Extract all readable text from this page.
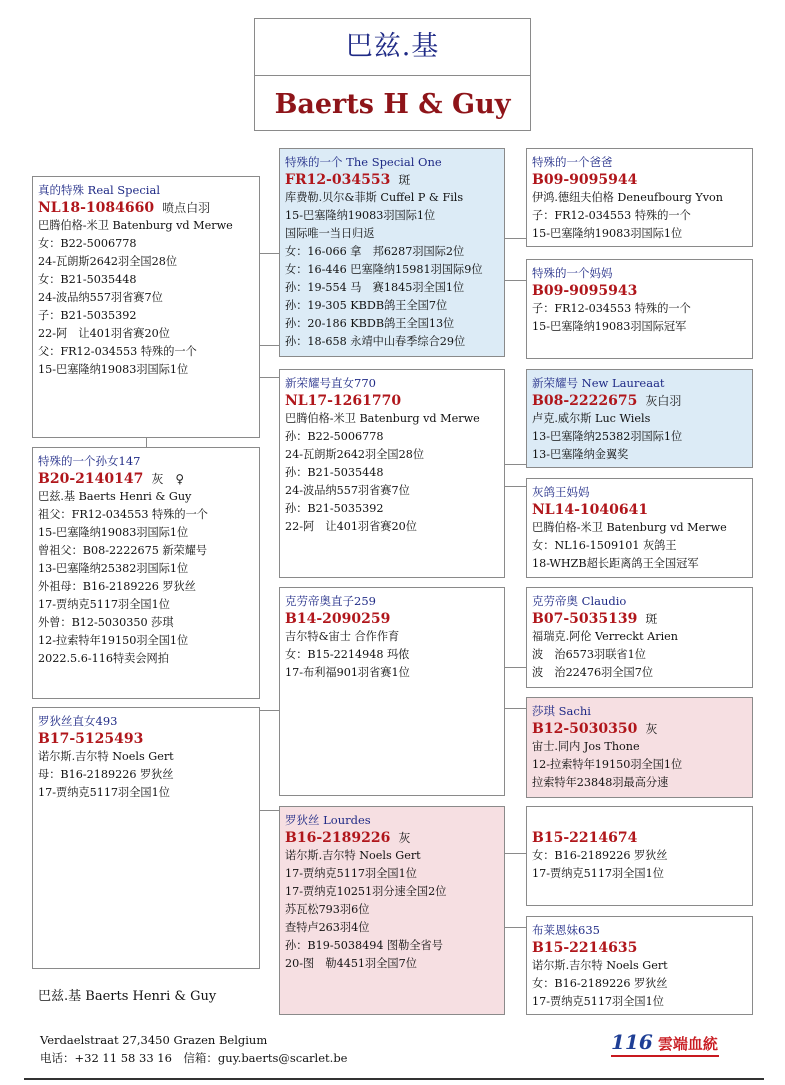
巴兹.基
Baerts H & Guy
真的特殊 Real Special
NL18-1084660 喷点白羽
巴腾伯格-米卫 Batenburg vd Merwe
女：B22-5006778
24-瓦朗斯2642羽全国28位
女：B21-5035448
24-波品纳557羽省赛7位
子：B21-5035392
22-阿　让401羽省赛20位
父：FR12-034553 特殊的一个
15-巴塞隆纳19083羽国际1位
特殊的一个孙女147
B20-2140147 灰　♀
巴兹.基 Baerts Henri & Guy
祖父：FR12-034553 特殊的一个
15-巴塞隆纳19083羽国际1位
曾祖父：B08-2222675 新荣耀号
13-巴塞隆纳25382羽国际1位
外祖母：B16-2189226 罗狄丝
17-贾纳克5117羽全国1位
外曾：B12-5030350 莎琪
12-拉索特年19150羽全国1位
2022.5.6-116特卖会网拍
罗狄丝直女493
B17-5125493
诺尔斯.吉尔特 Noels Gert
母：B16-2189226 罗狄丝
17-贾纳克5117羽全国1位
特殊的一个 The Special One
FR12-034553 斑
库费勒.贝尔&菲斯 Cuffel P & Fils
15-巴塞隆纳19083羽国际1位
国际唯一当日归返
女：16-066 拿　邦6287羽国际2位
女：16-446 巴塞隆纳15981羽国际9位
孙：19-554 马　赛1845羽全国1位
孙：19-305 KBDB鸽王全国7位
孙：20-186 KBDB鸽王全国13位
孙：18-658 永靖中山春季综合29位
新荣耀号直女770
NL17-1261770
巴腾伯格-米卫 Batenburg vd Merwe
孙：B22-5006778
24-瓦朗斯2642羽全国28位
孙：B21-5035448
24-波品纳557羽省赛7位
孙：B21-5035392
22-阿　让401羽省赛20位
克劳帝奥直子259
B14-2090259
吉尔特&宙士 合作作育
女：B15-2214948 玛侬
17-布利福901羽省赛1位
罗狄丝 Lourdes
B16-2189226 灰
诺尔斯.吉尔特 Noels Gert
17-贾纳克5117羽全国1位
17-贾纳克10251羽分速全国2位
苏瓦松793羽6位
查特卢263羽4位
孙：B19-5038494 图勒全省号
20-图　勒4451羽全国7位
特殊的一个爸爸
B09-9095944
伊鸿.德纽夫伯格 Deneufbourg Yvon
子：FR12-034553 特殊的一个
15-巴塞隆纳19083羽国际1位
特殊的一个妈妈
B09-9095943
子：FR12-034553 特殊的一个
15-巴塞隆纳19083羽国际冠军
新荣耀号 New Laureaat
B08-2222675 灰白羽
卢克.威尔斯 Luc Wiels
13-巴塞隆纳25382羽国际1位
13-巴塞隆纳金翼奖
灰鸽王妈妈
NL14-1040641
巴腾伯格-米卫 Batenburg vd Merwe
女：NL16-1509101 灰鸽王
18-WHZB超长距离鸽王全国冠军
克劳帝奥 Claudio
B07-5035139 斑
福瑞克.阿伦 Verreckt Arien
波　治6573羽联省1位
波　治22476羽全国7位
莎琪 Sachi
B12-5030350 灰
宙士.同内 Jos Thone
12-拉索特年19150羽全国1位
拉索特年23848羽最高分速
B15-2214674
女：B16-2189226 罗狄丝
17-贾纳克5117羽全国1位
布莱恩妹635
B15-2214635
诺尔斯.吉尔特 Noels Gert
女：B16-2189226 罗狄丝
17-贾纳克5117羽全国1位
巴兹.基 Baerts Henri & Guy
Verdaelstraat 27,3450 Grazen Belgium
电话：+32 11 58 33 16　信箱：guy.baerts@scarlet.be
116 雲端血統
